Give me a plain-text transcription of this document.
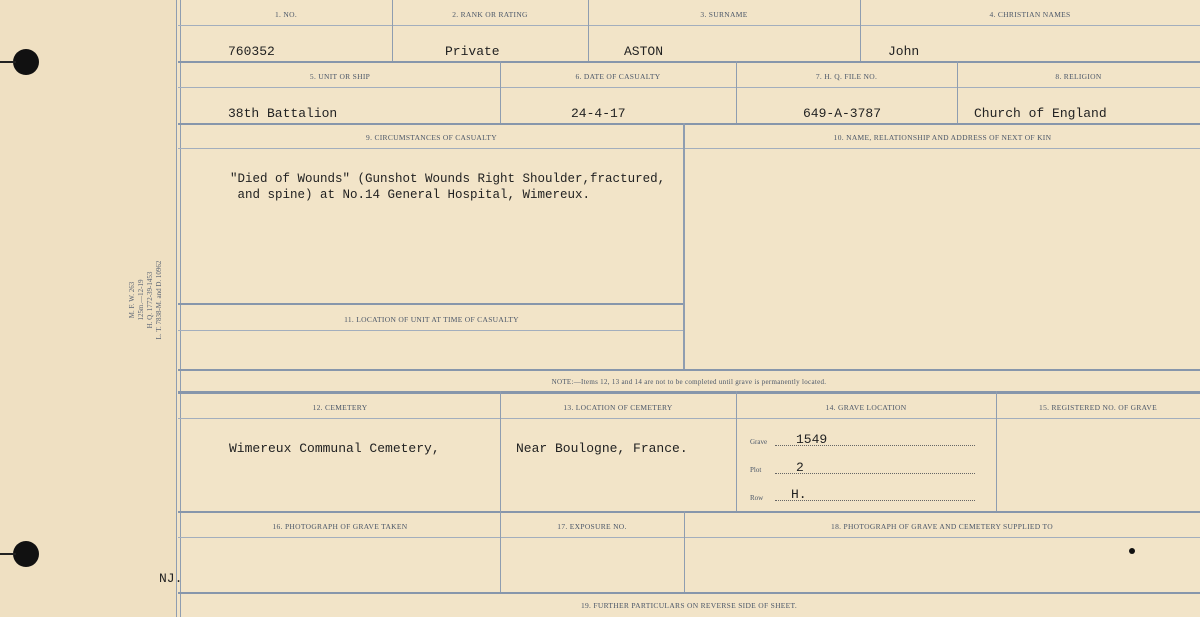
M. F. W. 263 125m.—12-19 H. Q. 1772-39-1453 L. T. 7838-M. and D. 10962
1. NO.
760352
2. RANK OR RATING
Private
3. SURNAME
ASTON
4. CHRISTIAN NAMES
John
5. UNIT OR SHIP
38th Battalion
6. DATE OF CASUALTY
24-4-17
7. H. Q. FILE NO.
649-A-3787
8. RELIGION
Church of England
9. CIRCUMSTANCES OF CASUALTY
"Died of Wounds" (Gunshot Wounds Right Shoulder,fractured,
and spine) at No.14 General Hospital, Wimereux.
10. NAME, RELATIONSHIP AND ADDRESS OF NEXT OF KIN
11. LOCATION OF UNIT AT TIME OF CASUALTY
NOTE:—Items 12, 13 and 14 are not to be completed until grave is permanently located.
12. CEMETERY
Wimereux Communal Cemetery,
13. LOCATION OF CEMETERY
Near Boulogne, France.
14. GRAVE LOCATION
Grave 1549
Plot	2
Row H.
15. REGISTERED NO. OF GRAVE
16. PHOTOGRAPH OF GRAVE TAKEN	17. EXPOSURE NO.	18. PHOTOGRAPH OF GRAVE AND CEMETERY SUPPLIED TO
19. FURTHER PARTICULARS ON REVERSE SIDE OF SHEET.
NJ.
